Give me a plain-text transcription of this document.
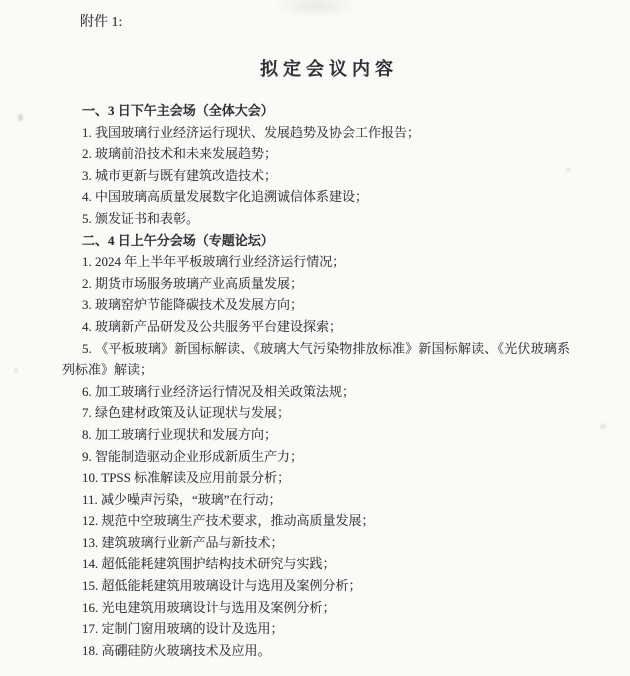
附件 1:
拟定会议内容

一、3 日下午主会场（全体大会）

1. 我国玻璃行业经济运行现状、发展趋势及协会工作报告；

2. 玻璃前沿技术和未来发展趋势；

3. 城市更新与既有建筑改造技术；

4. 中国玻璃高质量发展数字化追溯诚信体系建设；

5. 颁发证书和表彰。

二、4 日上午分会场（专题论坛）

1. 2024 年上半年平板玻璃行业经济运行情况；

2. 期货市场服务玻璃产业高质量发展；

3. 玻璃窑炉节能降碳技术及发展方向；

4. 玻璃新产品研发及公共服务平台建设探索；

5. 《平板玻璃》新国标解读、《玻璃大气污染物排放标准》新国标解读、《光伏玻璃系列标准》解读；

6. 加工玻璃行业经济运行情况及相关政策法规；

7. 绿色建材政策及认证现状与发展；

8. 加工玻璃行业现状和发展方向；

9. 智能制造驱动企业形成新质生产力；

10. TPSS 标准解读及应用前景分析；

11. 减少噪声污染，“玻璃”在行动；

12. 规范中空玻璃生产技术要求，推动高质量发展；

13. 建筑玻璃行业新产品与新技术；

14. 超低能耗建筑围护结构技术研究与实践；

15. 超低能耗建筑用玻璃设计与选用及案例分析；

16. 光电建筑用玻璃设计与选用及案例分析；

17. 定制门窗用玻璃的设计及选用；

18. 高硼硅防火玻璃技术及应用。
